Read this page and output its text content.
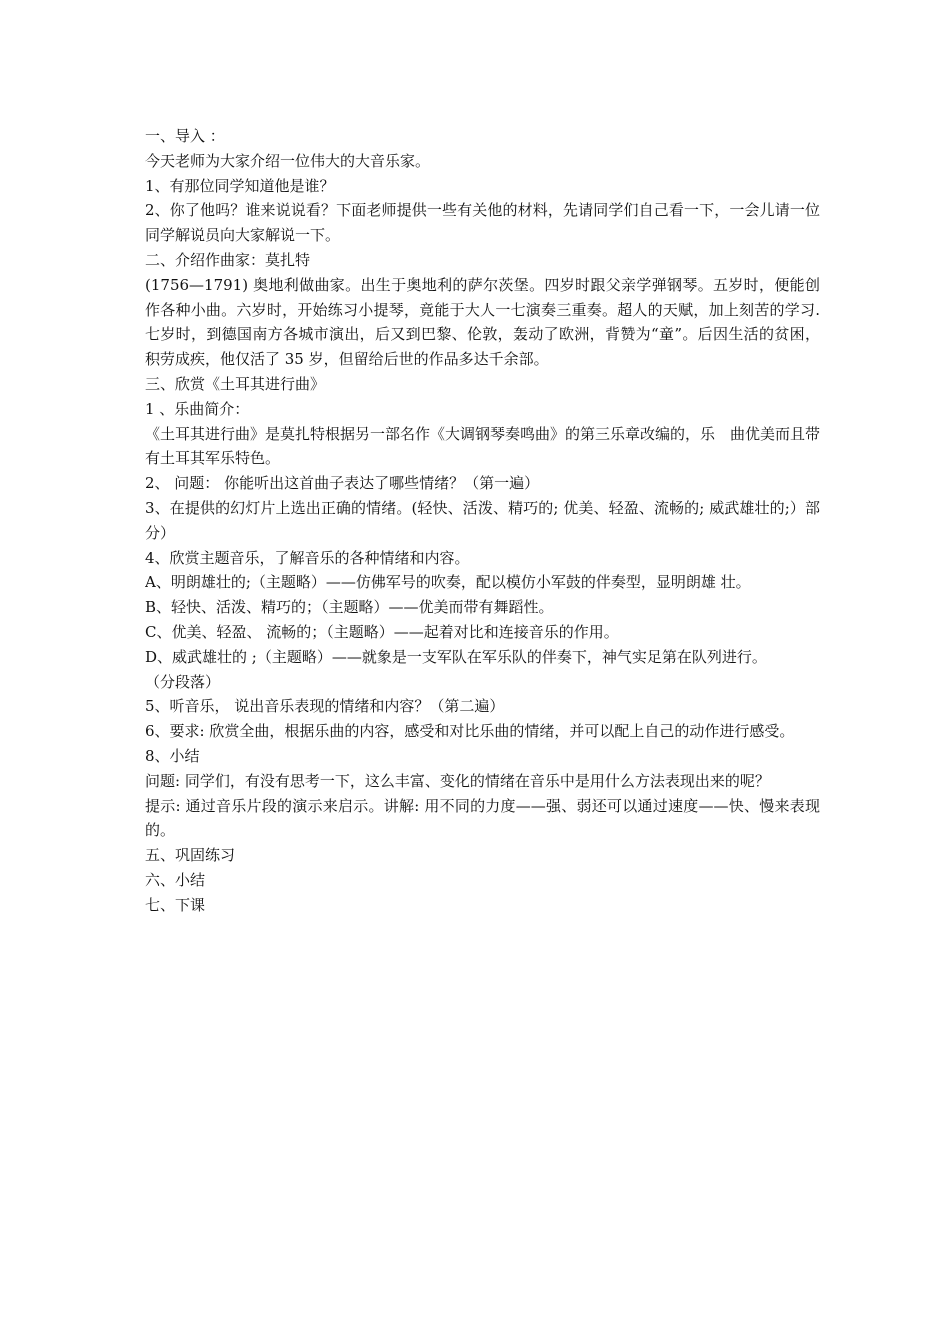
一、导入 ：
今天老师为大家介绍一位伟大的大音乐家。
1、有那位同学知道他是谁？
2、你了他吗？谁来说说看？下面老师提供一些有关他的材料，先请同学们自己看一下，一会儿请一位同学解说员向大家解说一下。
二、介绍作曲家：莫扎特
(1756—1791) 奥地利做曲家。出生于奥地利的萨尔茨堡。四岁时跟父亲学弹钢琴。五岁时，便能创作各种小曲。六岁时，开始练习小提琴，竟能于大人一七演奏三重奏。超人的天赋，加上刻苦的学习.七岁时，到德国南方各城市演出，后又到巴黎、伦敦，轰动了欧洲，背赞为“童”。后因生活的贫困，积劳成疾，他仅活了 35 岁，但留给后世的作品多达千余部。
三、欣赏《土耳其进行曲》
1 、乐曲简介：
《土耳其进行曲》是莫扎特根据另一部名作《大调钢琴奏鸣曲》的第三乐章改编的，乐　曲优美而且带有土耳其军乐特色。
2、 问题： 你能听出这首曲子表达了哪些情绪？（第一遍）
3、在提供的幻灯片上选出正确的情绪。(轻快、活泼、精巧的; 优美、轻盈、流畅的; 威武雄壮的;）部分）
4、欣赏主题音乐，了解音乐的各种情绪和内容。
A、明朗雄壮的;（主题略）——仿佛军号的吹奏，配以模仿小军鼓的伴奏型，显明朗雄 壮。
B、轻快、活泼、精巧的；（主题略）——优美而带有舞蹈性。
C、优美、轻盈、 流畅的；（主题略）——起着对比和连接音乐的作用。
D、威武雄壮的 ;（主题略）——就象是一支军队在军乐队的伴奏下，神气实足第在队列进行。
（分段落）
5、听音乐， 说出音乐表现的情绪和内容？（第二遍）
6、要求: 欣赏全曲，根据乐曲的内容，感受和对比乐曲的情绪，并可以配上自己的动作进行感受。
8、小结
问题: 同学们，有没有思考一下，这么丰富、变化的情绪在音乐中是用什么方法表现出来的呢？
提示: 通过音乐片段的演示来启示。讲解: 用不同的力度——强、弱还可以通过速度——快、慢来表现的。
五、巩固练习
六、小结
七、下课
